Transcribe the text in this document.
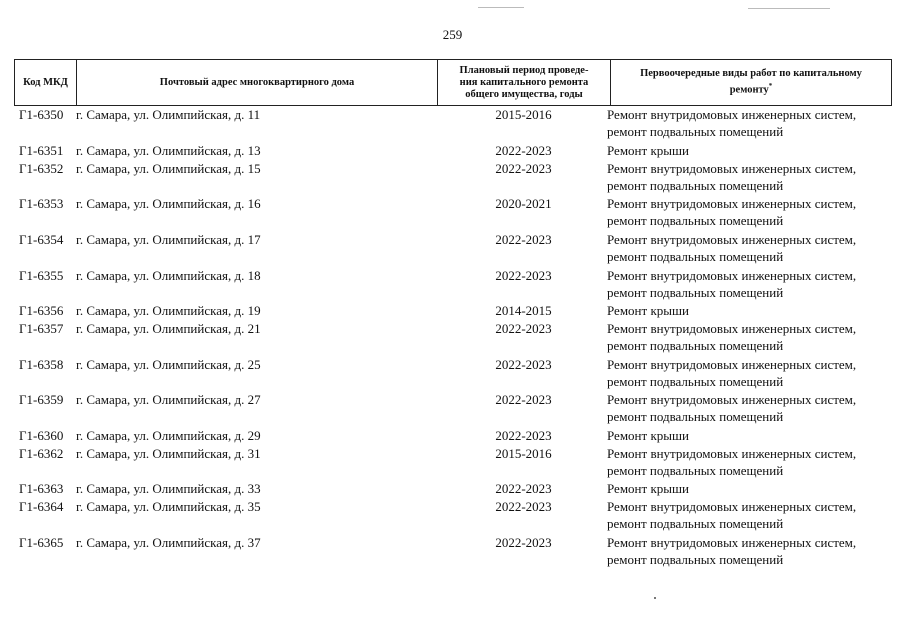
259
Код МКД	Почтовый адрес многоквартирного дома
Плановый период проведе-
ния капитального ремонта
общего имущества, годы
Первоочередные виды работ по капитальному
ремонту*
Г1-6350 г. Самара, ул. Олимпийская, д. 11	2015-2016	Ремонт внутридомовых инженерных систем,
ремонт подвальных помещений
Г1-6351 г. Самара, ул. Олимпийская, д. 13	2022-2023	Ремонт крыши
Г1-6352 г. Самара, ул. Олимпийская, д. 15	2022-2023	Ремонт внутридомовых инженерных систем,
ремонт подвальных помещений
Г1-6353 г. Самара, ул. Олимпийская, д. 16	2020-2021	Ремонт внутридомовых инженерных систем,
ремонт подвальных помещений
Г1-6354 г. Самара, ул. Олимпийская, д. 17	2022-2023	Ремонт внутридомовых инженерных систем,
ремонт подвальных помещений
Г1-6355 г. Самара, ул. Олимпийская, д. 18	2022-2023	Ремонт внутридомовых инженерных систем,
ремонт подвальных помещений
Г1-6356 г. Самара, ул. Олимпийская, д. 19	2014-2015	Ремонт крыши
Г1-6357 г. Самара, ул. Олимпийская, д. 21	2022-2023	Ремонт внутридомовых инженерных систем,
ремонт подвальных помещений
Г1-6358 г. Самара, ул. Олимпийская, д. 25	2022-2023	Ремонт внутридомовых инженерных систем,
ремонт подвальных помещений
Г1-6359 г. Самара, ул. Олимпийская, д. 27	2022-2023	Ремонт внутридомовых инженерных систем,
ремонт подвальных помещений
Г1-6360 г. Самара, ул. Олимпийская, д. 29	2022-2023	Ремонт крыши
Г1-6362 г. Самара, ул. Олимпийская, д. 31	2015-2016	Ремонт внутридомовых инженерных систем,
ремонт подвальных помещений
Г1-6363 г. Самара, ул. Олимпийская, д. 33	2022-2023	Ремонт крыши
Г1-6364 г. Самара, ул. Олимпийская, д. 35	2022-2023	Ремонт внутридомовых инженерных систем,
ремонт подвальных помещений
Г1-6365 г. Самара, ул. Олимпийская, д. 37	2022-2023	Ремонт внутридомовых инженерных систем,
ремонт подвальных помещений
